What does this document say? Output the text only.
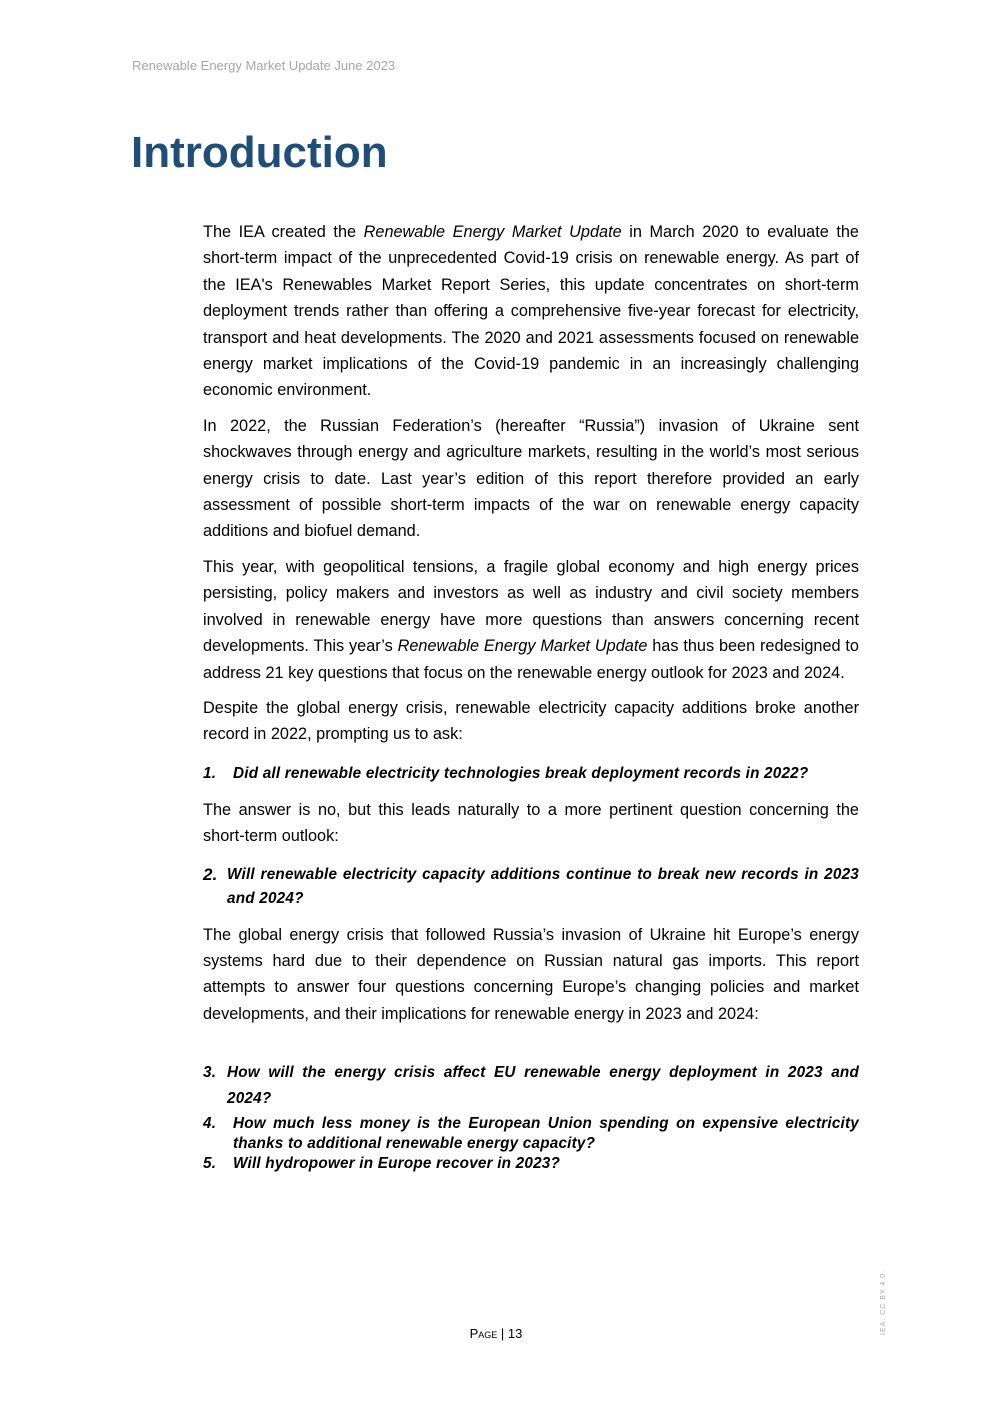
Renewable Energy Market Update June 2023
Introduction

The IEA created the Renewable Energy Market Update in March 2020 to evaluate the short-term impact of the unprecedented Covid-19 crisis on renewable energy. As part of the IEA's Renewables Market Report Series, this update concentrates on short-term deployment trends rather than offering a comprehensive five-year forecast for electricity, transport and heat developments. The 2020 and 2021 assessments focused on renewable energy market implications of the Covid-19 pandemic in an increasingly challenging economic environment.

In 2022, the Russian Federation’s (hereafter “Russia”) invasion of Ukraine sent shockwaves through energy and agriculture markets, resulting in the world’s most serious energy crisis to date. Last year’s edition of this report therefore provided an early assessment of possible short-term impacts of the war on renewable energy capacity additions and biofuel demand.

This year, with geopolitical tensions, a fragile global economy and high energy prices persisting, policy makers and investors as well as industry and civil society members involved in renewable energy have more questions than answers concerning recent developments. This year’s Renewable Energy Market Update has thus been redesigned to address 21 key questions that focus on the renewable energy outlook for 2023 and 2024.

Despite the global energy crisis, renewable electricity capacity additions broke another record in 2022, prompting us to ask:

1. Did all renewable electricity technologies break deployment records in 2022?

The answer is no, but this leads naturally to a more pertinent question concerning the short-term outlook:

2. Will renewable electricity capacity additions continue to break new records in 2023 and 2024?

The global energy crisis that followed Russia’s invasion of Ukraine hit Europe’s energy systems hard due to their dependence on Russian natural gas imports. This report attempts to answer four questions concerning Europe’s changing policies and market developments, and their implications for renewable energy in 2023 and 2024:

3. How will the energy crisis affect EU renewable energy deployment in 2023 and 2024?

4. How much less money is the European Union spending on expensive electricity thanks to additional renewable energy capacity?

5. Will hydropower in Europe recover in 2023?

IEA. CC BY 4.0.
Page | 13
